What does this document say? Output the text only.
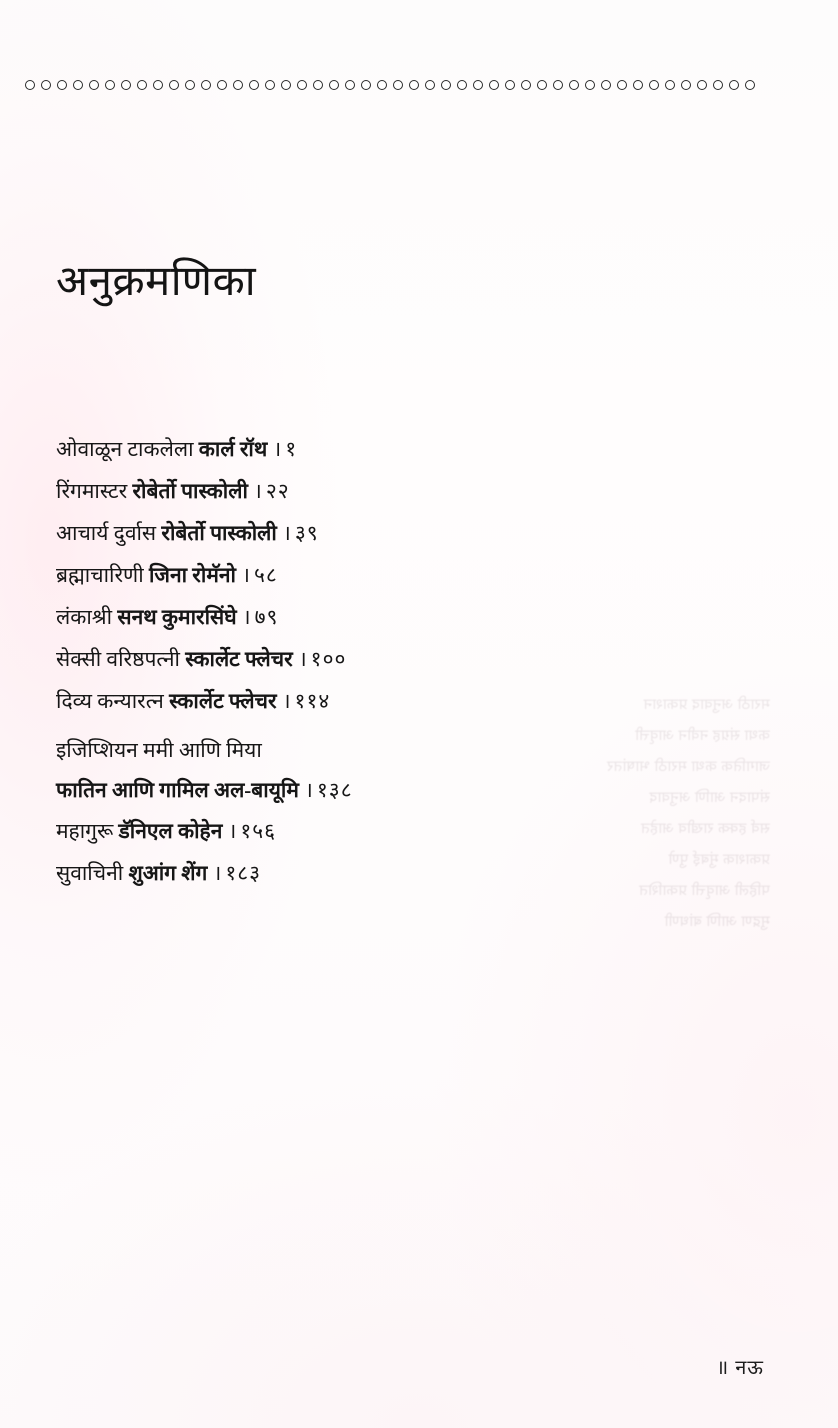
मराठी अनुवाद प्रकाशन
कथा संग्रह नवीन आवृत्ती
जागतिक कथा मराठी भाषांतर
संपादन आणि अनुवाद
सर्व हक्क राखीव आहेत
प्रकाशक मुंबई पुणे
पहिली आवृत्ती प्रकाशित
मुद्रण आणि बांधणी
अनुक्रमणिका
ओवाळून टाकलेला कार्ल रॉथ । १
रिंगमास्टर रोबेर्तो पास्कोली । २२
आचार्य दुर्वास रोबेर्तो पास्कोली । ३९
ब्रह्माचारिणी जिना रोमॅनो । ५८
लंकाश्री सनथ कुमारसिंघे । ७९
सेक्सी वरिष्ठपत्नी स्कार्लेट फ्लेचर । १००
दिव्य कन्यारत्न स्कार्लेट फ्लेचर । ११४
इजिप्शियन ममी आणि मिया
फातिन आणि गामिल अल-बायूमि । १३८
महागुरू डॅनिएल कोहेन । १५६
सुवाचिनी शुआंग शेंग । १८३
॥ नऊ
